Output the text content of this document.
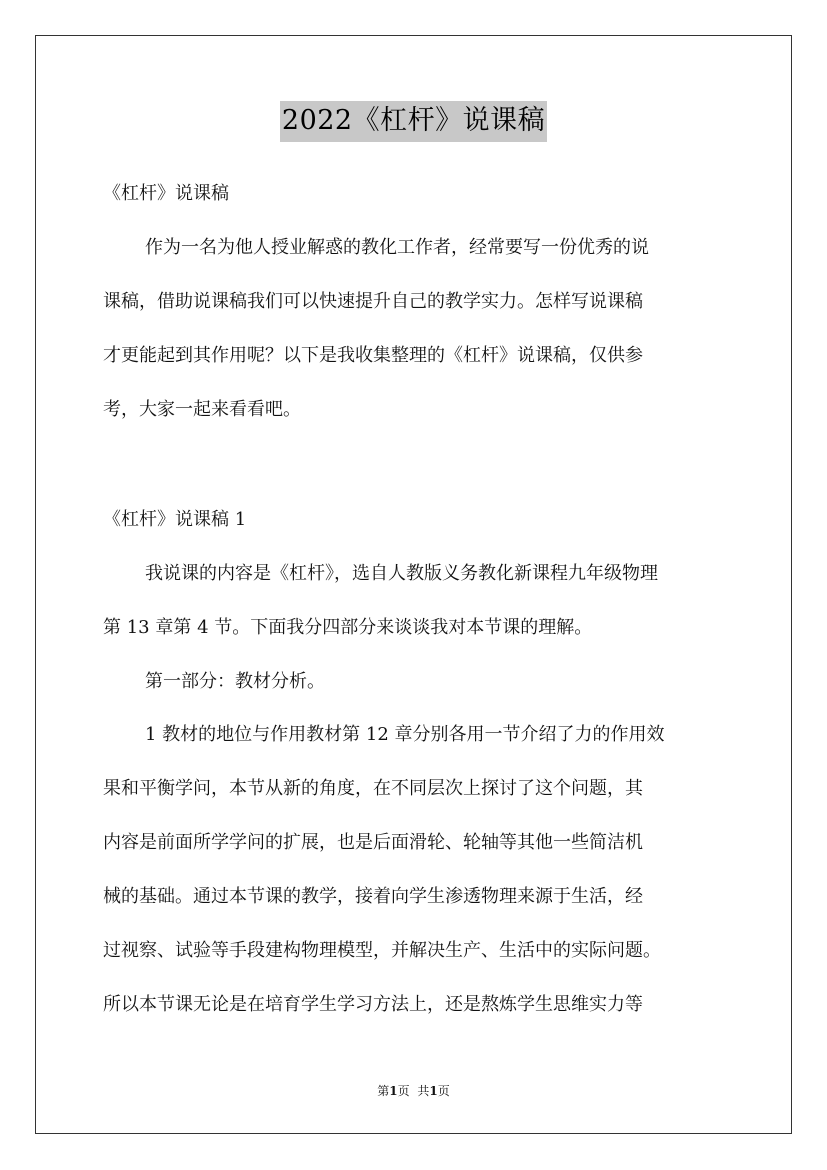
2022《杠杆》说课稿
《杠杆》说课稿
作为一名为他人授业解惑的教化工作者，经常要写一份优秀的说
课稿，借助说课稿我们可以快速提升自己的教学实力。怎样写说课稿
才更能起到其作用呢？以下是我收集整理的《杠杆》说课稿，仅供参
考，大家一起来看看吧。
《杠杆》说课稿 1
我说课的内容是《杠杆》，选自人教版义务教化新课程九年级物理
第 13 章第 4 节。下面我分四部分来谈谈我对本节课的理解。
第一部分：教材分析。
1 教材的地位与作用教材第 12 章分别各用一节介绍了力的作用效
果和平衡学问，本节从新的角度，在不同层次上探讨了这个问题，其
内容是前面所学学问的扩展，也是后面滑轮、轮轴等其他一些简洁机
械的基础。通过本节课的教学，接着向学生渗透物理来源于生活，经
过视察、试验等手段建构物理模型，并解决生产、生活中的实际问题。
所以本节课无论是在培育学生学习方法上，还是熬炼学生思维实力等
第1页 共1页
